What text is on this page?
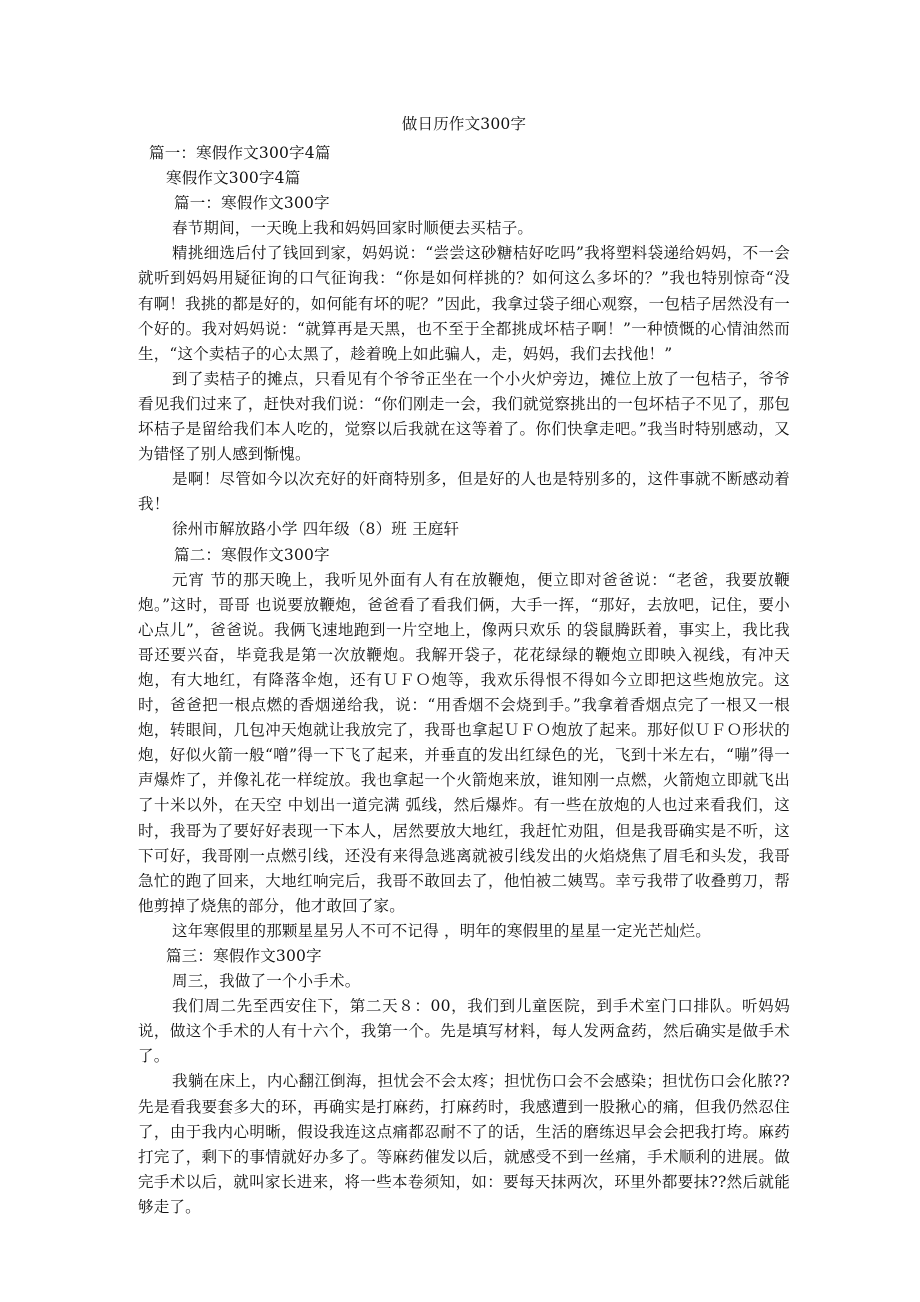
做日历作文300字

篇一：寒假作文300字4篇

寒假作文300字4篇

篇一：寒假作文300字

春节期间，一天晚上我和妈妈回家时顺便去买桔子。

精挑细选后付了钱回到家，妈妈说：“尝尝这砂糖桔好吃吗”我将塑料袋递给妈妈，不一会就听到妈妈用疑征询的口气征询我：“你是如何样挑的？如何这么多坏的？”我也特别惊奇“没有啊！我挑的都是好的，如何能有坏的呢？”因此，我拿过袋子细心观察，一包桔子居然没有一个好的。我对妈妈说：“就算再是天黑，也不至于全都挑成坏桔子啊！”一种愤慨的心情油然而生，“这个卖桔子的心太黑了，趁着晚上如此骗人，走，妈妈，我们去找他！”

到了卖桔子的摊点，只看见有个爷爷正坐在一个小火炉旁边，摊位上放了一包桔子，爷爷看见我们过来了，赶快对我们说：“你们刚走一会，我们就觉察挑出的一包坏桔子不见了，那包坏桔子是留给我们本人吃的，觉察以后我就在这等着了。你们快拿走吧。”我当时特别感动，又为错怪了别人感到惭愧。

是啊！尽管如今以次充好的奸商特别多，但是好的人也是特别多的，这件事就不断感动着我！

徐州市解放路小学 四年级（8）班 王庭轩

篇二：寒假作文300字

元宵 节的那天晚上，我听见外面有人有在放鞭炮，便立即对爸爸说：“老爸，我要放鞭炮。”这时，哥哥 也说要放鞭炮，爸爸看了看我们俩，大手一挥，“那好，去放吧，记住，要小心点儿”，爸爸说。我俩飞速地跑到一片空地上，像两只欢乐 的袋鼠腾跃着，事实上，我比我哥还要兴奋，毕竟我是第一次放鞭炮。我解开袋子，花花绿绿的鞭炮立即映入视线，有冲天炮，有大地红，有降落伞炮，还有ＵＦＯ炮等，我欢乐得恨不得如今立即把这些炮放完。这时，爸爸把一根点燃的香烟递给我，说：“用香烟不会烧到手。”我拿着香烟点完了一根又一根炮，转眼间，几包冲天炮就让我放完了，我哥也拿起ＵＦＯ炮放了起来。那好似ＵＦＯ形状的炮，好似火箭一般“噌”得一下飞了起来，并垂直的发出红绿色的光，飞到十米左右，“嘣”得一声爆炸了，并像礼花一样绽放。我也拿起一个火箭炮来放，谁知刚一点燃，火箭炮立即就飞出了十米以外，在天空 中划出一道完满 弧线，然后爆炸。有一些在放炮的人也过来看我们，这时，我哥为了要好好表现一下本人，居然要放大地红，我赶忙劝阻，但是我哥确实是不听，这下可好，我哥刚一点燃引线，还没有来得急逃离就被引线发出的火焰烧焦了眉毛和头发，我哥急忙的跑了回来，大地红响完后，我哥不敢回去了，他怕被二姨骂。幸亏我带了收叠剪刀，帮他剪掉了烧焦的部分，他才敢回了家。

这年寒假里的那颗星星另人不可不记得 ，明年的寒假里的星星一定光芒灿烂。

篇三：寒假作文300字

周三，我做了一个小手术。

我们周二先至西安住下，第二天８：00，我们到儿童医院，到手术室门口排队。听妈妈说，做这个手术的人有十六个，我第一个。先是填写材料，每人发两盒药，然后确实是做手术了。

我躺在床上，内心翻江倒海，担忧会不会太疼；担忧伤口会不会感染；担忧伤口会化脓??先是看我要套多大的环，再确实是打麻药，打麻药时，我感遭到一股揪心的痛，但我仍然忍住了，由于我内心明晰，假设我连这点痛都忍耐不了的话，生活的磨练迟早会会把我打垮。麻药打完了，剩下的事情就好办多了。等麻药催发以后，就感受不到一丝痛，手术顺利的进展。做完手术以后，就叫家长进来，将一些本卷须知，如：要每天抹两次，环里外都要抹??然后就能够走了。
